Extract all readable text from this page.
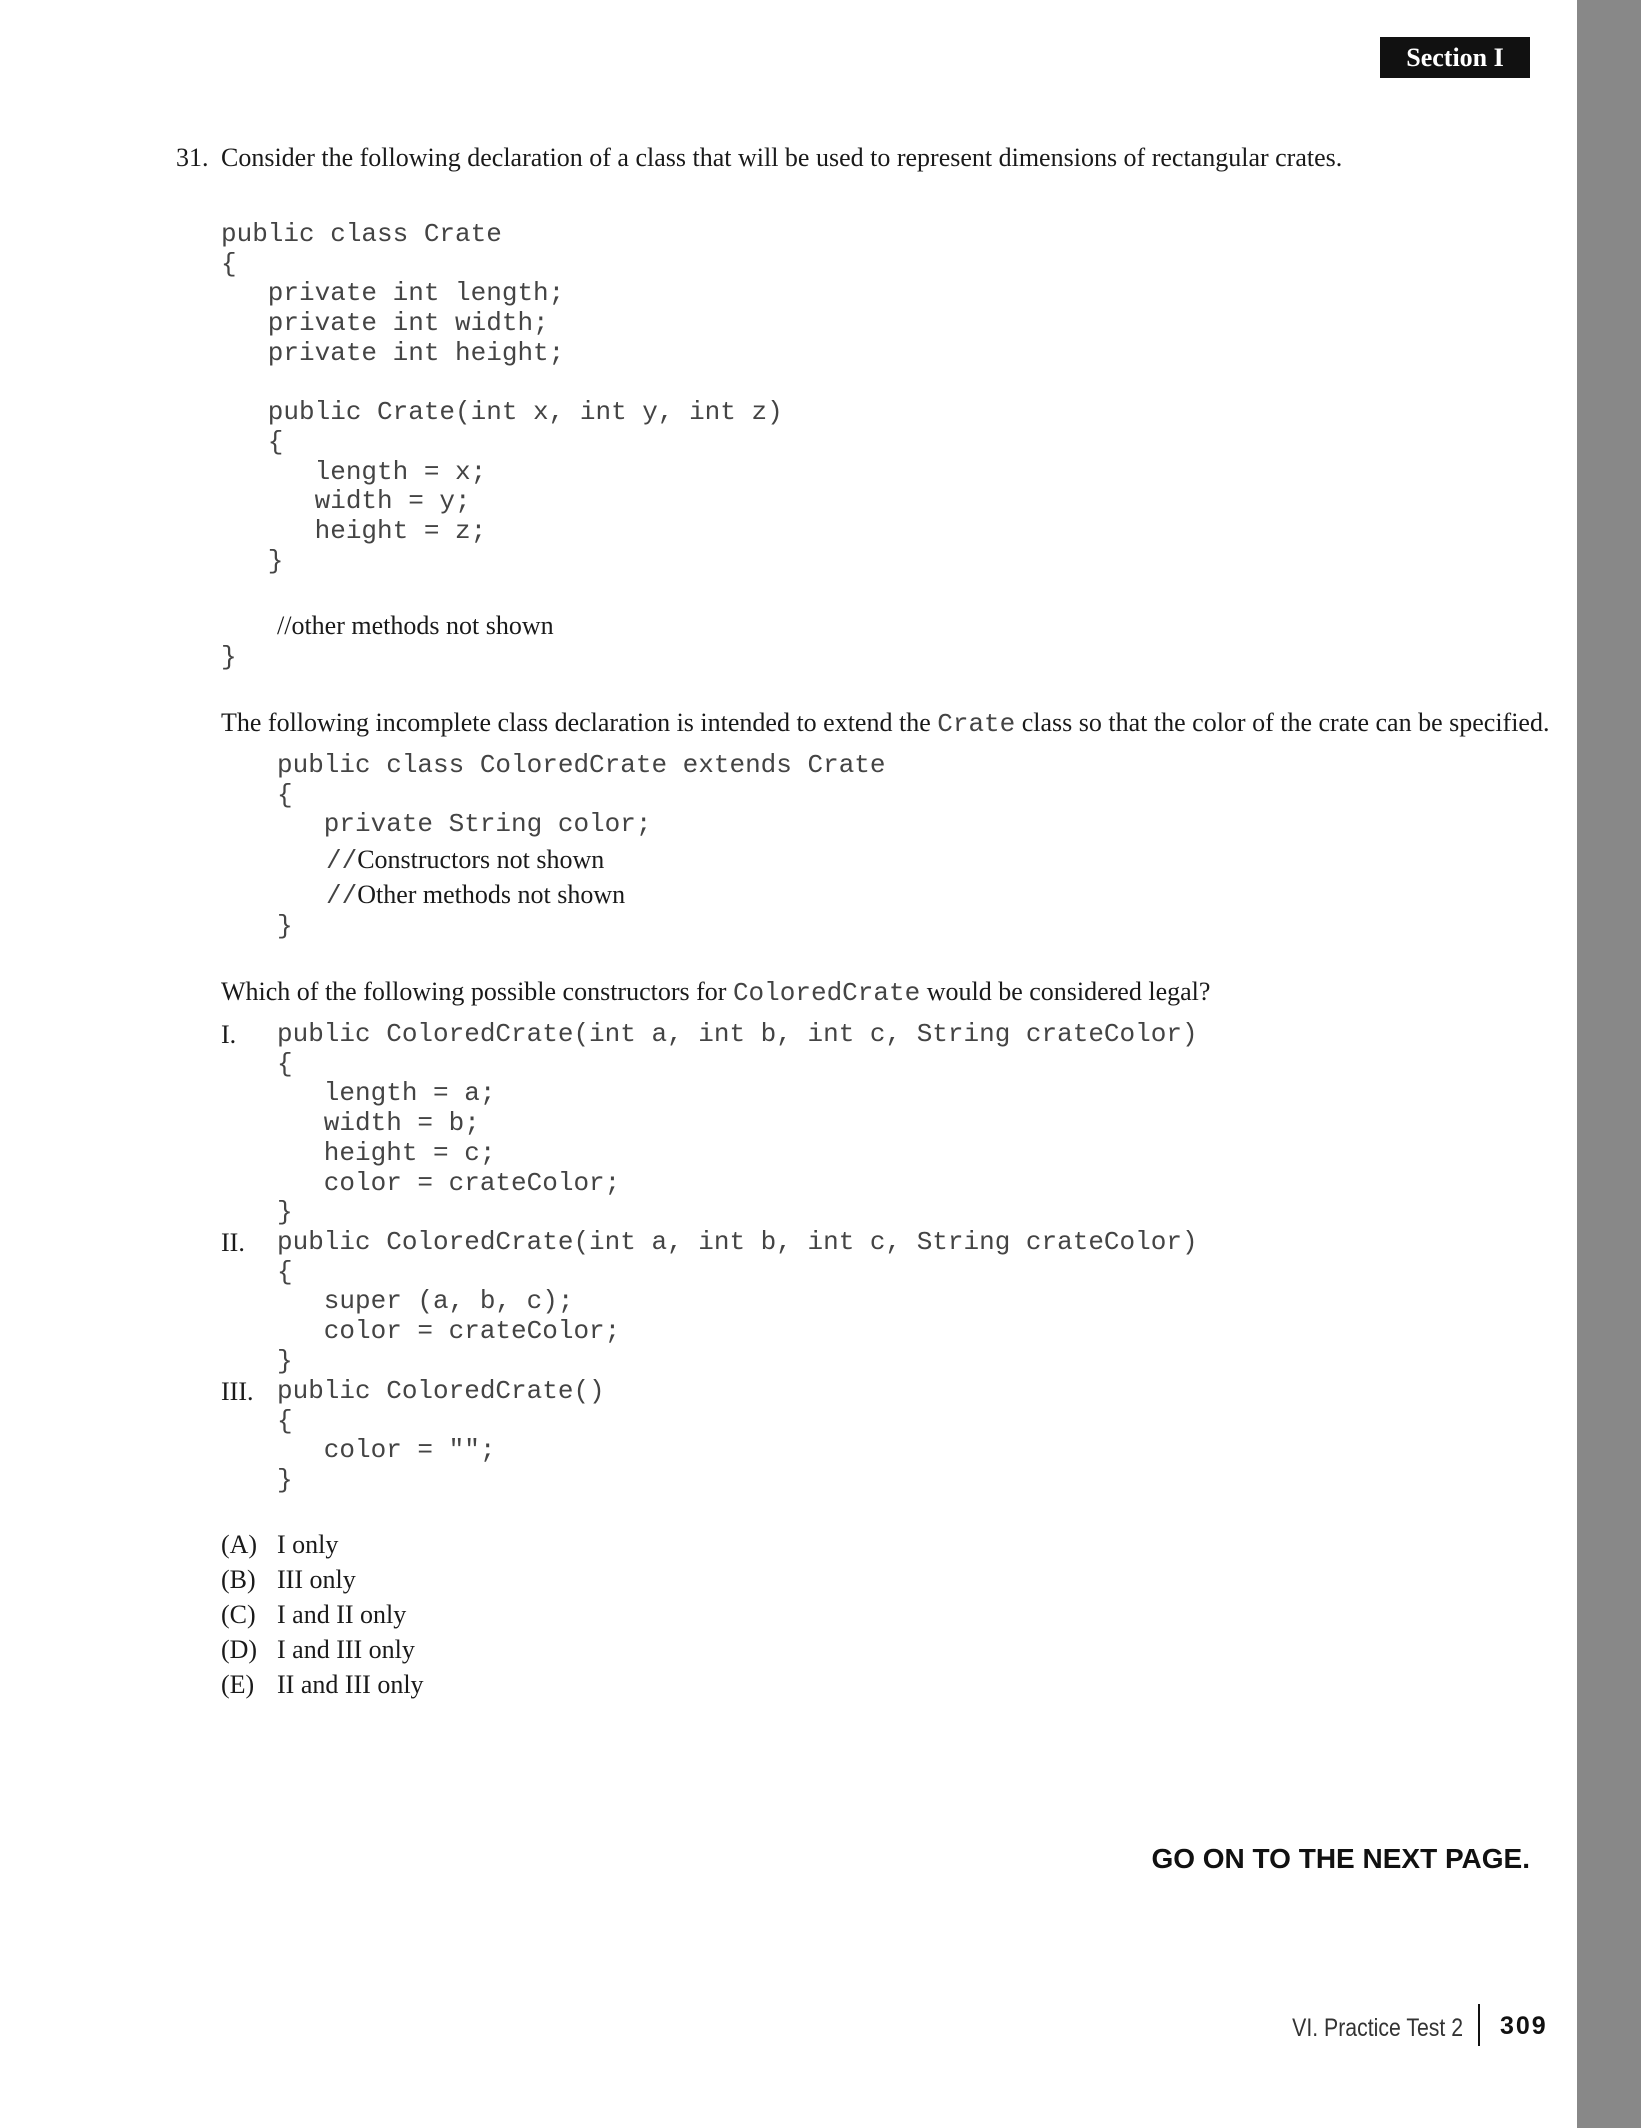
Section I
31. Consider the following declaration of a class that will be used to represent dimensions of rectangular crates.
public class Crate
{
private int length;
private int width;
private int height;

public Crate(int x, int y, int z)
{
length = x;
width = y;
height = z;
}
//other methods not shown
}
The following incomplete class declaration is intended to extend the Crate class so that the color of the crate can be specified.
public class ColoredCrate extends Crate
{
private String color;
//Constructors not shown
//Other methods not shown
}
Which of the following possible constructors for ColoredCrate would be considered legal?
I. public ColoredCrate(int a, int b, int c, String crateColor)
{
length = a;
width = b;
height = c;
color = crateColor;
}
II. public ColoredCrate(int a, int b, int c, String crateColor)
{
super (a, b, c);
color = crateColor;
}
III. public ColoredCrate()
{
color = "";
}
(A) I only
(B) III only
(C) I and II only
(D) I and III only
(E) II and III only
GO ON TO THE NEXT PAGE.
VI. Practice Test 2 309
